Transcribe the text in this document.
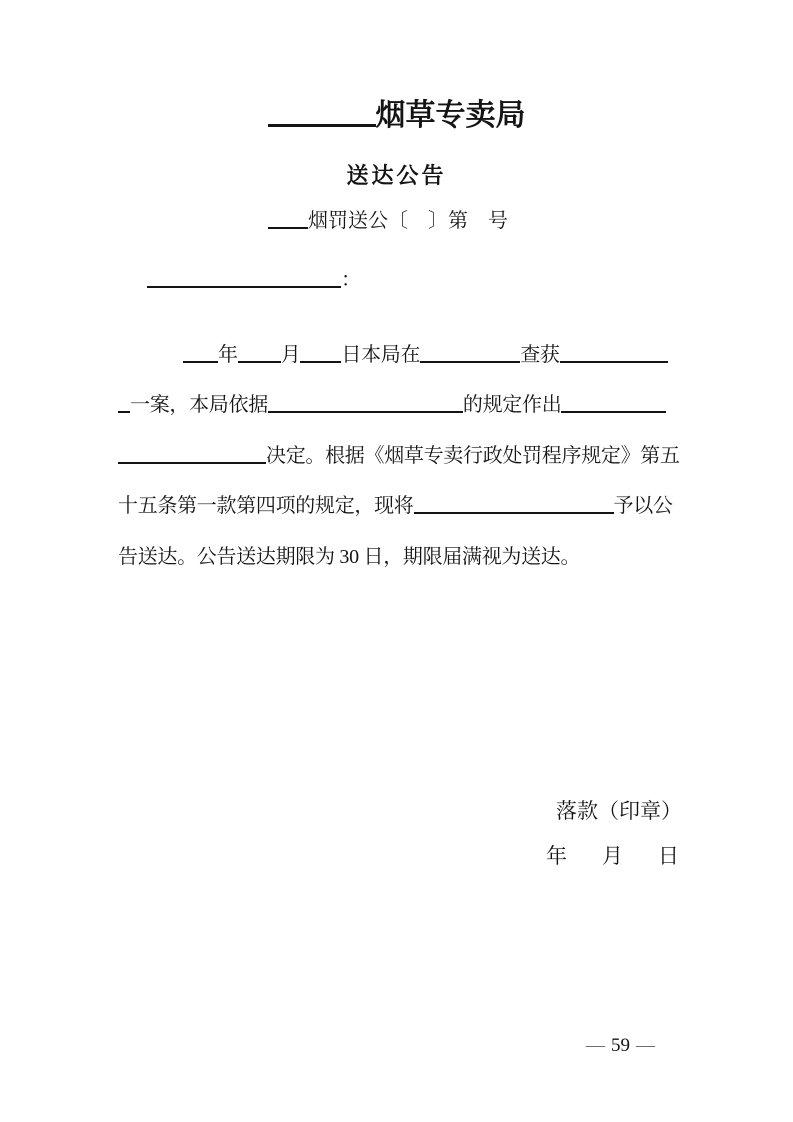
烟草专卖局
送达公告
烟罚送公〔　〕第　号
：
年 月 日本局在	查获
一案，本局依据	的规定作出
决定。根据《烟草专卖行政处罚程序规定》第五
十五条第一款第四项的规定，现将	予以公
告送达。公告送达期限为 30 日，期限届满视为送达。
落款（印章）
年　月　日
— 59 —
